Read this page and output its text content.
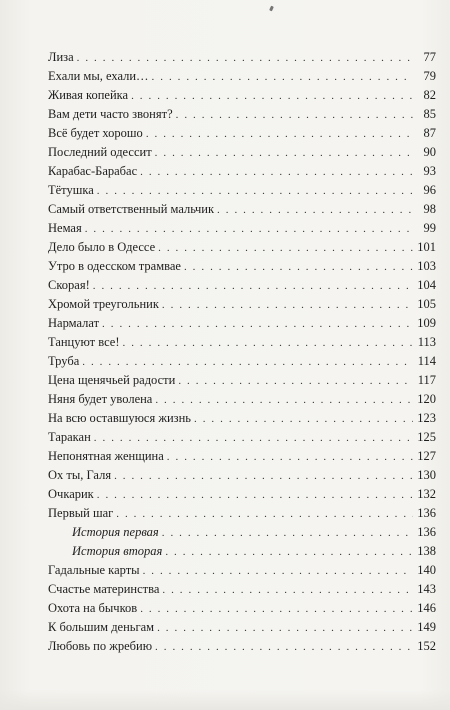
Лиза . . .	77
Ехали мы, ехали… . . .	79
Живая копейка . . .	82
Вам дети часто звонят? . . .	85
Всё будет хорошо . . .	87
Последний одессит . . .	90
Карабас-Барабас . . .	93
Тётушка . . .	96
Самый ответственный мальчик . . .	98
Немая . . .	99
Дело было в Одессе . . .	101
Утро в одесском трамвае . . .	103
Скорая! . . .	104
Хромой треугольник . . .	105
Нармалат . . .	109
Танцуют все! . . .	113
Труба . . .	114
Цена щенячьей радости . . .	117
Няня будет уволена . . .	120
На всю оставшуюся жизнь . . .	123
Таракан . . .	125
Непонятная женщина . . .	127
Ох ты, Галя . . .	130
Очкарик . . .	132
Первый шаг . . .	136
История первая . . .	136
История вторая . . .	138
Гадальные карты . . .	140
Счастье материнства . . .	143
Охота на бычков . . .	146
К большим деньгам . . .	149
Любовь по жребию . . .	152
